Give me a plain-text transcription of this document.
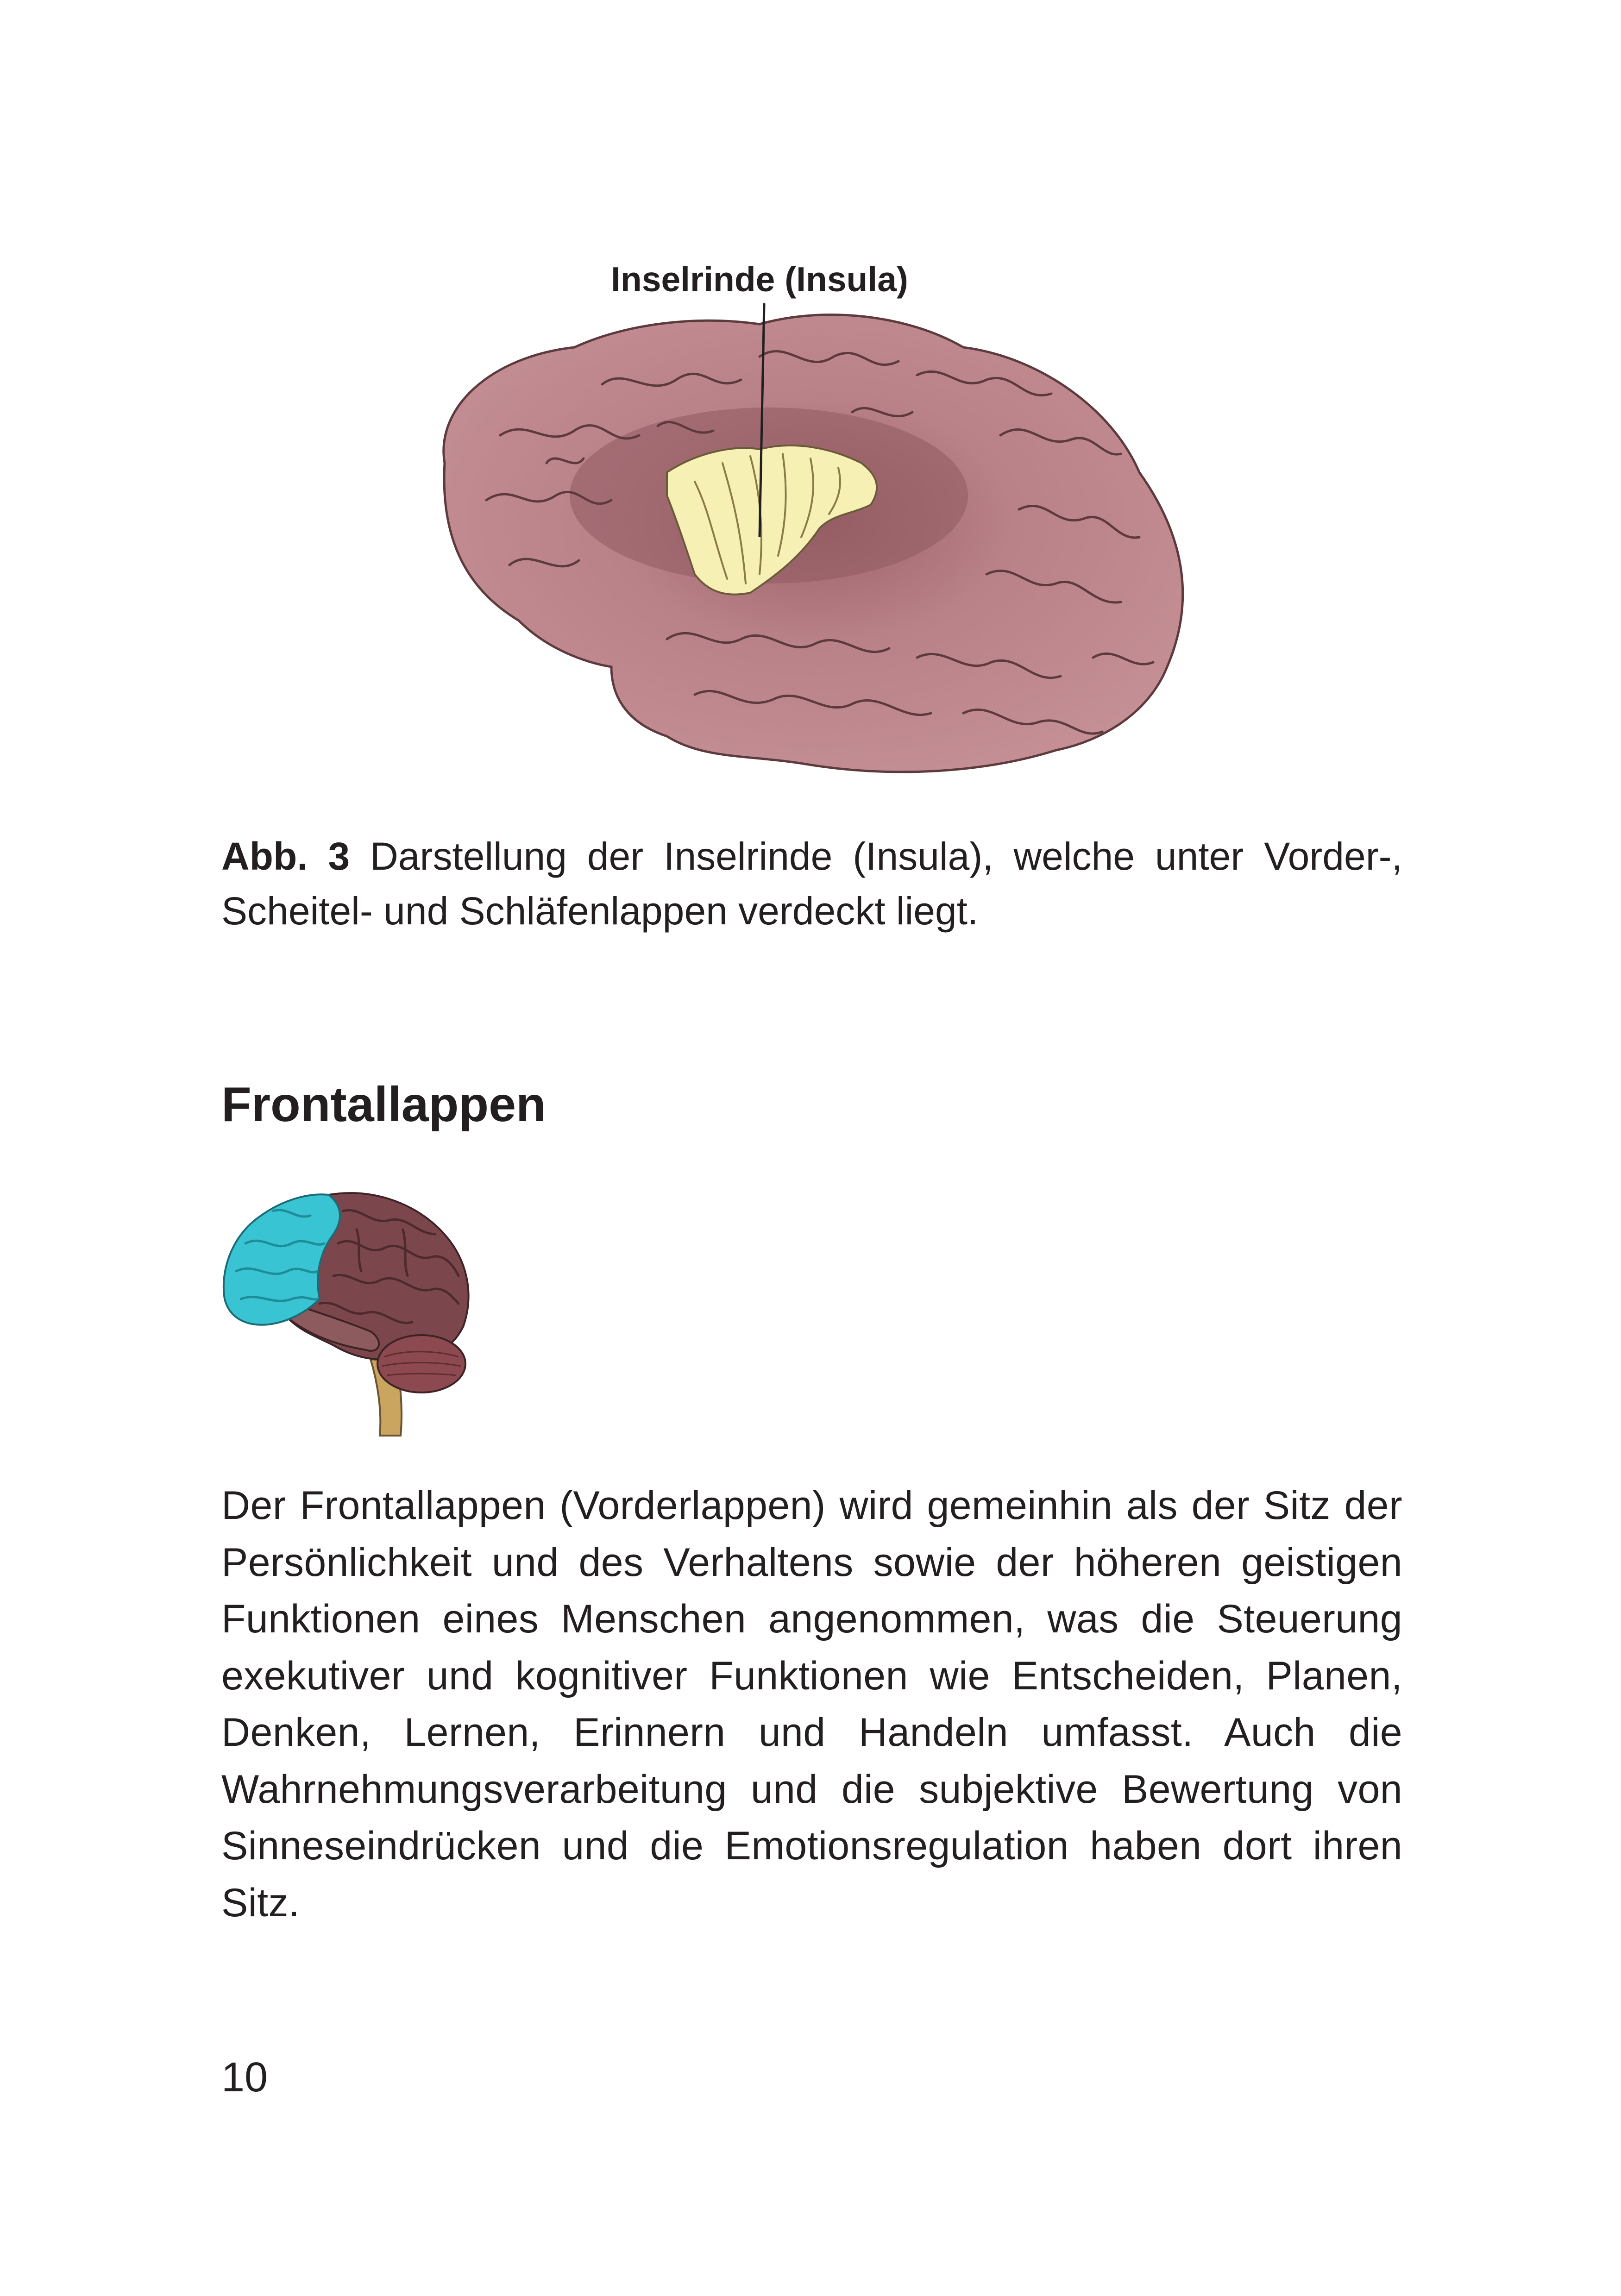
Inselrinde (Insula)
Abb. 3 Darstellung der Inselrinde (Insula), welche unter Vorder-, Scheitel- und Schläfenlappen verdeckt liegt.
Frontallappen
Der Frontallappen (Vorderlappen) wird gemeinhin als der Sitz der Persönlichkeit und des Verhaltens sowie der höheren geistigen Funktionen eines Menschen angenommen, was die Steuerung exekutiver und kognitiver Funktionen wie Entscheiden, Planen, Denken, Lernen, Erinnern und Handeln umfasst. Auch die Wahrnehmungsverarbeitung und die subjektive Bewertung von Sinneseindrücken und die Emotionsregulation haben dort ihren Sitz.
10
